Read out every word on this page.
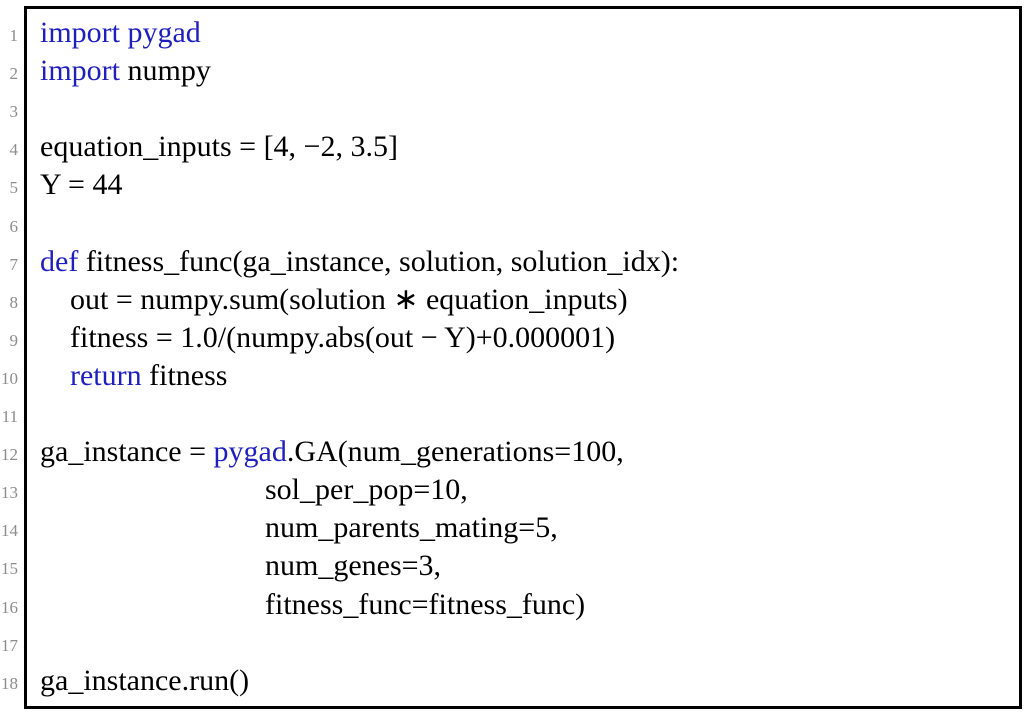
1 import pygad
2 import numpy
3
4 equation_inputs = [4, −2, 3.5]
5 Y = 44
6
7 def fitness_func(ga_instance, solution, solution_idx):
8 out = numpy.sum(solution ∗ equation_inputs)
9 fitness = 1.0/(numpy.abs(out − Y)+0.000001)
10	return fitness
11
12 ga_instance = pygad.GA(num_generations=100,
13 sol_per_pop=10,
14 num_parents_mating=5,
15 num_genes=3,
16 fitness_func=fitness_func)
17
18 ga_instance.run()
